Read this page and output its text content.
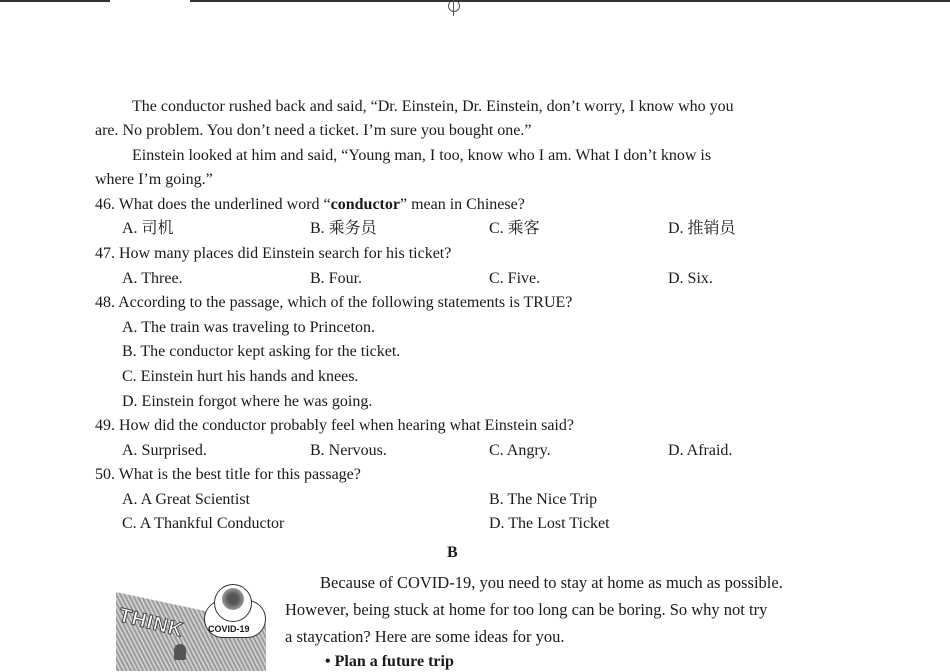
The conductor rushed back and said, “Dr. Einstein, Dr. Einstein, don’t worry, I know who you
are. No problem. You don’t need a ticket. I’m sure you bought one.”
Einstein looked at him and said, “Young man, I too, know who I am. What I don’t know is
where I’m going.”
46. What does the underlined word “conductor” mean in Chinese?
A. 司机	B. 乘务员	C. 乘客	D. 推销员
47. How many places did Einstein search for his ticket?
A. Three.	B. Four.	C. Five.	D. Six.
48. According to the passage, which of the following statements is TRUE?
A. The train was traveling to Princeton.
B. The conductor kept asking for the ticket.
C. Einstein hurt his hands and knees.
D. Einstein forgot where he was going.
49. How did the conductor probably feel when hearing what Einstein said?
A. Surprised.	B. Nervous.	C. Angry.	D. Afraid.
50. What is the best title for this passage?
A. A Great Scientist	B. The Nice Trip
C. A Thankful Conductor	D. The Lost Ticket
B
THINK COVID-19
Because of COVID-19, you need to stay at home as much as possible.
However, being stuck at home for too long can be boring. So why not try
a staycation? Here are some ideas for you.
• Plan a future trip
